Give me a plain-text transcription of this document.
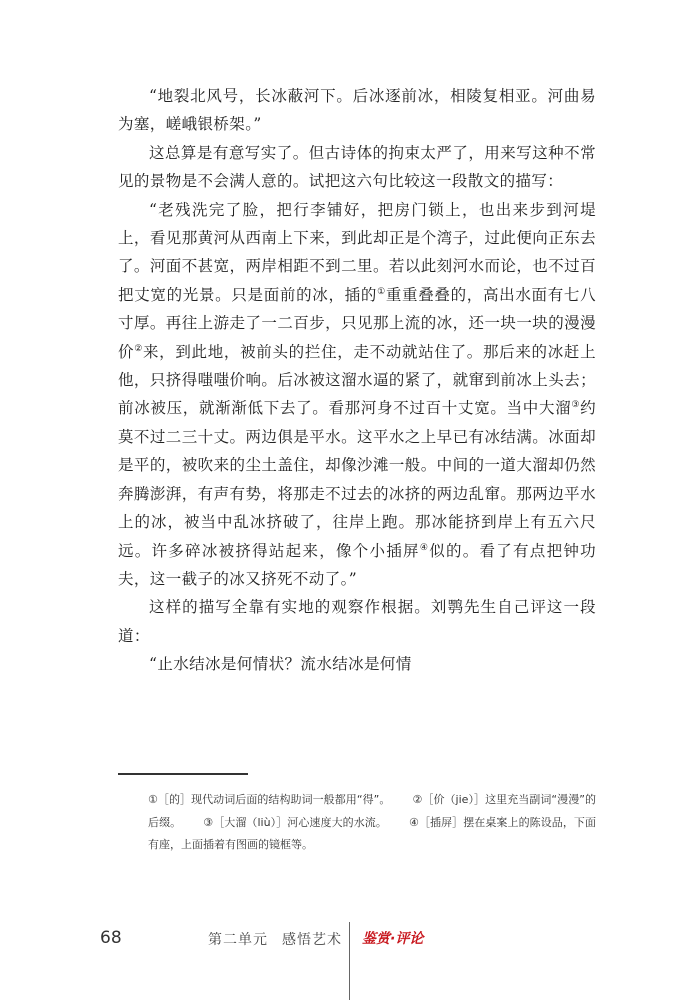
“地裂北风号，长冰蔽河下。后冰逐前冰，相陵复相亚。河曲易为塞，嵯峨银桥架。”

这总算是有意写实了。但古诗体的拘束太严了，用来写这种不常见的景物是不会满人意的。试把这六句比较这一段散文的描写：

“老残洗完了脸，把行李铺好，把房门锁上，也出来步到河堤上，看见那黄河从西南上下来，到此却正是个湾子，过此便向正东去了。河面不甚宽，两岸相距不到二里。若以此刻河水而论，也不过百把丈宽的光景。只是面前的冰，插的①重重叠叠的，高出水面有七八寸厚。再往上游走了一二百步，只见那上流的冰，还一块一块的漫漫价②来，到此地，被前头的拦住，走不动就站住了。那后来的冰赶上他，只挤得嗤嗤价响。后冰被这溜水逼的紧了，就窜到前冰上头去；前冰被压，就渐渐低下去了。看那河身不过百十丈宽。当中大溜③约莫不过二三十丈。两边俱是平水。这平水之上早已有冰结满。冰面却是平的，被吹来的尘土盖住，却像沙滩一般。中间的一道大溜却仍然奔腾澎湃，有声有势，将那走不过去的冰挤的两边乱窜。那两边平水上的冰，被当中乱冰挤破了，往岸上跑。那冰能挤到岸上有五六尺远。许多碎冰被挤得站起来，像个小插屏④似的。看了有点把钟功夫，这一截子的冰又挤死不动了。”

这样的描写全靠有实地的观察作根据。刘鹗先生自己评这一段道：

“止水结冰是何情状？流水结冰是何情

①［的］现代动词后面的结构助词一般都用“得”。 ②［价（jie）］这里充当副词“漫漫”的后缀。 ③［大溜（liù）］河心速度大的水流。 ④［插屏］摆在桌案上的陈设品，下面有座，上面插着有图画的镜框等。
68	第二单元 感悟艺术 鉴赏·评论
